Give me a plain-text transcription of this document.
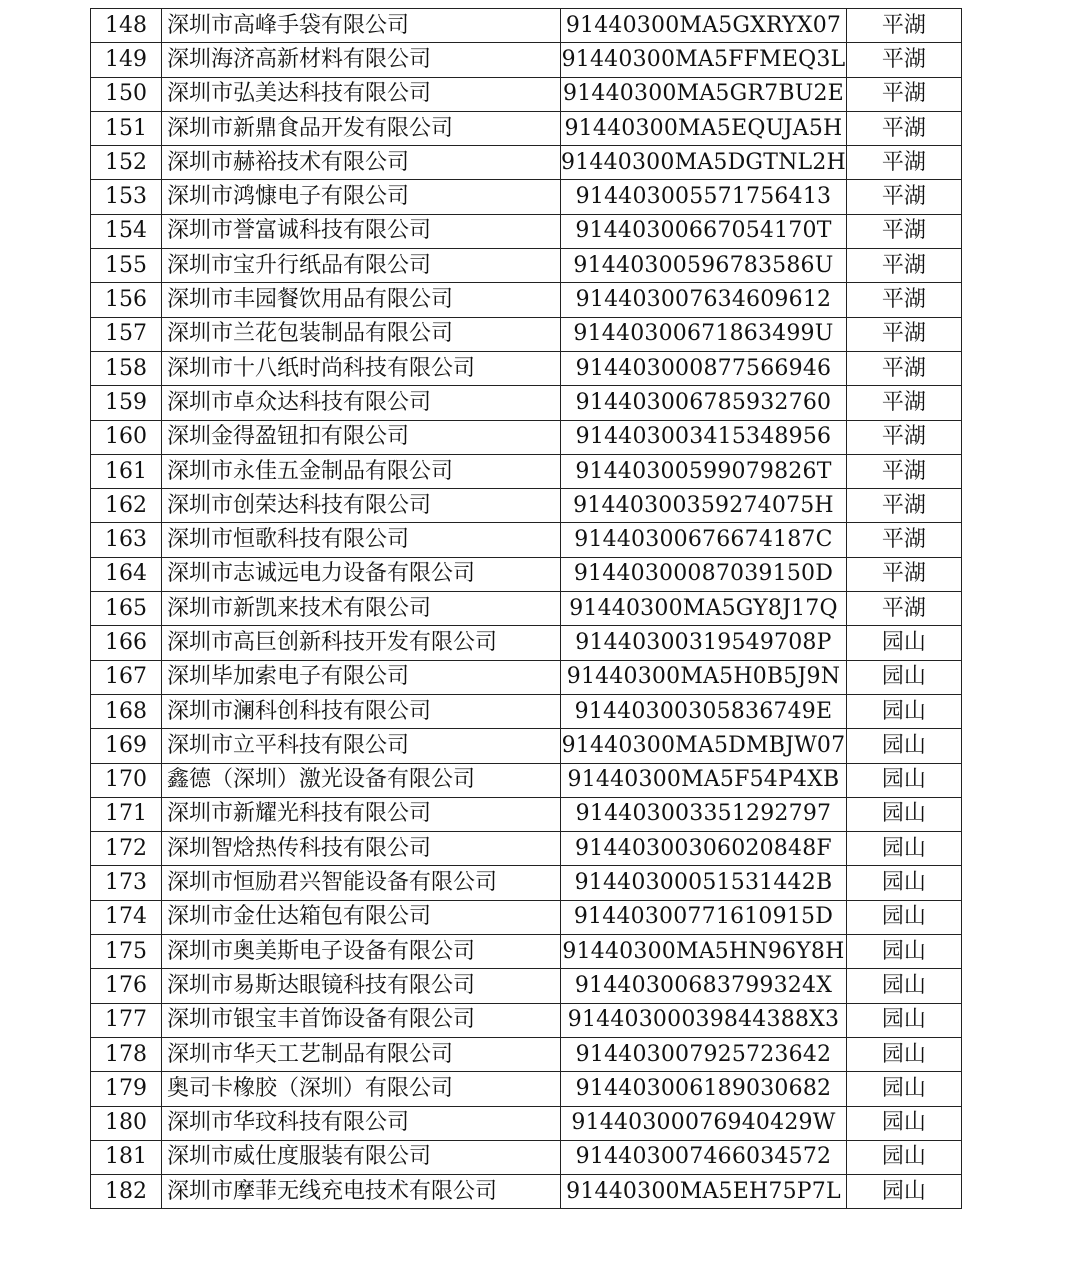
148	深圳市高峰手袋有限公司	91440300MA5GXRYX07	平湖
149	深圳海济高新材料有限公司	91440300MA5FFMEQ3L	平湖
150	深圳市弘美达科技有限公司	91440300MA5GR7BU2E	平湖
151	深圳市新鼎食品开发有限公司	91440300MA5EQUJA5H	平湖
152	深圳市赫裕技术有限公司	91440300MA5DGTNL2H	平湖
153	深圳市鸿慷电子有限公司	914403005571756413	平湖
154	深圳市誉富诚科技有限公司	91440300667054170T	平湖
155	深圳市宝升行纸品有限公司	91440300596783586U	平湖
156	深圳市丰园餐饮用品有限公司	914403007634609612	平湖
157	深圳市兰花包装制品有限公司	91440300671863499U	平湖
158	深圳市十八纸时尚科技有限公司	914403000877566946	平湖
159	深圳市卓众达科技有限公司	914403006785932760	平湖
160	深圳金得盈钮扣有限公司	914403003415348956	平湖
161	深圳市永佳五金制品有限公司	91440300599079826T	平湖
162	深圳市创荣达科技有限公司	91440300359274075H	平湖
163	深圳市恒歌科技有限公司	91440300676674187C	平湖
164	深圳市志诚远电力设备有限公司	91440300087039150D	平湖
165	深圳市新凯来技术有限公司	91440300MA5GY8J17Q	平湖
166	深圳市高巨创新科技开发有限公司	91440300319549708P	园山
167	深圳毕加索电子有限公司	91440300MA5H0B5J9N	园山
168	深圳市澜科创科技有限公司	91440300305836749E	园山
169	深圳市立平科技有限公司	91440300MA5DMBJW07	园山
170	鑫德（深圳）激光设备有限公司	91440300MA5F54P4XB	园山
171	深圳市新耀光科技有限公司	914403003351292797	园山
172	深圳智焓热传科技有限公司	91440300306020848F	园山
173	深圳市恒励君兴智能设备有限公司	91440300051531442B	园山
174	深圳市金仕达箱包有限公司	91440300771610915D	园山
175	深圳市奥美斯电子设备有限公司	91440300MA5HN96Y8H	园山
176	深圳市易斯达眼镜科技有限公司	91440300683799324X	园山
177	深圳市银宝丰首饰设备有限公司	91440300039844388X3	园山
178	深圳市华天工艺制品有限公司	914403007925723642	园山
179	奥司卡橡胶（深圳）有限公司	914403006189030682	园山
180	深圳市华玟科技有限公司	91440300076940429W	园山
181	深圳市威仕度服装有限公司	914403007466034572	园山
182	深圳市摩菲无线充电技术有限公司	91440300MA5EH75P7L	园山
